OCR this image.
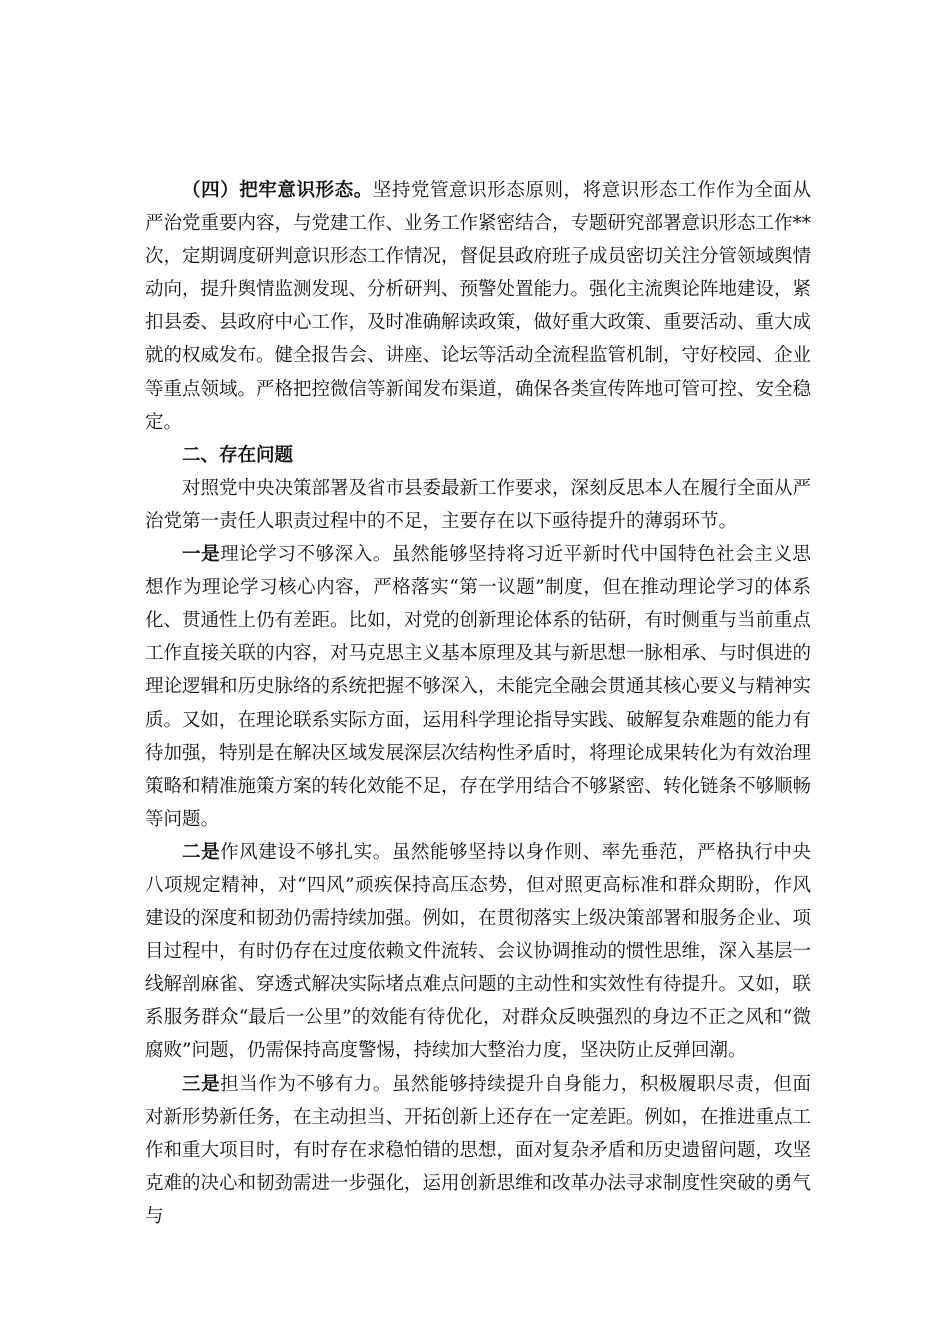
（四）把牢意识形态。坚持党管意识形态原则，将意识形态工作作为全面从严治党重要内容，与党建工作、业务工作紧密结合，专题研究部署意识形态工作**次，定期调度研判意识形态工作情况，督促县政府班子成员密切关注分管领域舆情动向，提升舆情监测发现、分析研判、预警处置能力。强化主流舆论阵地建设，紧扣县委、县政府中心工作，及时准确解读政策，做好重大政策、重要活动、重大成就的权威发布。健全报告会、讲座、论坛等活动全流程监管机制，守好校园、企业等重点领域。严格把控微信等新闻发布渠道，确保各类宣传阵地可管可控、安全稳定。

二、存在问题

对照党中央决策部署及省市县委最新工作要求，深刻反思本人在履行全面从严治党第一责任人职责过程中的不足，主要存在以下亟待提升的薄弱环节。

一是理论学习不够深入。虽然能够坚持将习近平新时代中国特色社会主义思想作为理论学习核心内容，严格落实“第一议题”制度，但在推动理论学习的体系化、贯通性上仍有差距。比如，对党的创新理论体系的钻研，有时侧重与当前重点工作直接关联的内容，对马克思主义基本原理及其与新思想一脉相承、与时俱进的理论逻辑和历史脉络的系统把握不够深入，未能完全融会贯通其核心要义与精神实质。又如，在理论联系实际方面，运用科学理论指导实践、破解复杂难题的能力有待加强，特别是在解决区域发展深层次结构性矛盾时，将理论成果转化为有效治理策略和精准施策方案的转化效能不足，存在学用结合不够紧密、转化链条不够顺畅等问题。

二是作风建设不够扎实。虽然能够坚持以身作则、率先垂范，严格执行中央八项规定精神，对“四风”顽疾保持高压态势，但对照更高标准和群众期盼，作风建设的深度和韧劲仍需持续加强。例如，在贯彻落实上级决策部署和服务企业、项目过程中，有时仍存在过度依赖文件流转、会议协调推动的惯性思维，深入基层一线解剖麻雀、穿透式解决实际堵点难点问题的主动性和实效性有待提升。又如，联系服务群众“最后一公里”的效能有待优化，对群众反映强烈的身边不正之风和“微腐败”问题，仍需保持高度警惕，持续加大整治力度，坚决防止反弹回潮。

三是担当作为不够有力。虽然能够持续提升自身能力，积极履职尽责，但面对新形势新任务，在主动担当、开拓创新上还存在一定差距。例如，在推进重点工作和重大项目时，有时存在求稳怕错的思想，面对复杂矛盾和历史遗留问题，攻坚克难的决心和韧劲需进一步强化，运用创新思维和改革办法寻求制度性突破的勇气与
